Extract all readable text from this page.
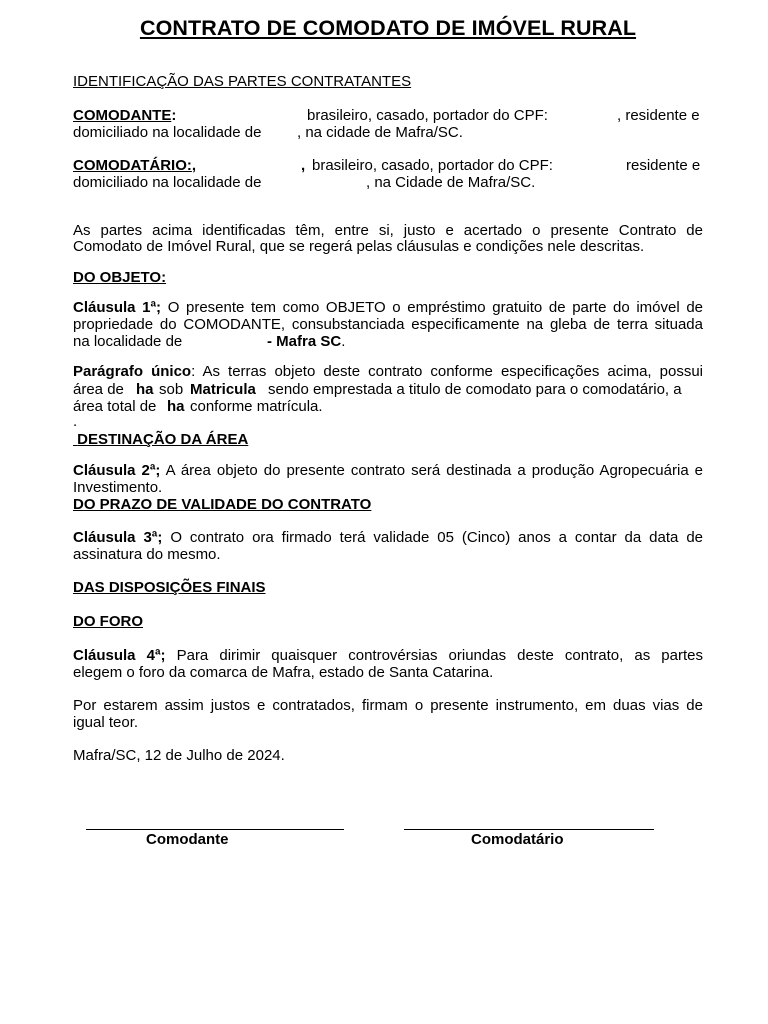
CONTRATO DE COMODATO DE IMÓVEL RURAL
IDENTIFICAÇÃO DAS PARTES CONTRATANTES
COMODANTE:	brasileiro, casado, portador do CPF:	, residente e
domiciliado na localidade de , na cidade de Mafra/SC.
COMODATÁRIO:,	, brasileiro, casado, portador do CPF:	residente e
domiciliado na localidade de	, na Cidade de Mafra/SC.
As partes acima identificadas têm, entre si, justo e acertado o presente Contrato de
Comodato de Imóvel Rural, que se regerá pelas cláusulas e condições nele descritas.
DO OBJETO:
Cláusula 1ª; O presente tem como OBJETO o empréstimo gratuito de parte do imóvel de
propriedade do COMODANTE, consubstanciada especificamente na gleba de terra situada
na localidade de	- Mafra SC.
Parágrafo único: As terras objeto deste contrato conforme especificações acima, possui
área de ha sob Matricula sendo emprestada a titulo de comodato para o comodatário, a
área total de ha conforme matrícula.
.
DESTINAÇÃO DA ÁREA
Cláusula 2ª; A área objeto do presente contrato será destinada a produção Agropecuária e
Investimento.
DO PRAZO DE VALIDADE DO CONTRATO
Cláusula 3ª; O contrato ora firmado terá validade 05 (Cinco) anos a contar da data de
assinatura do mesmo.
DAS DISPOSIÇÕES FINAIS
DO FORO
Cláusula 4ª; Para dirimir quaisquer controvérsias oriundas deste contrato, as partes
elegem o foro da comarca de Mafra, estado de Santa Catarina.
Por estarem assim justos e contratados, firmam o presente instrumento, em duas vias de
igual teor.
Mafra/SC, 12 de Julho de 2024.
Comodante	Comodatário
